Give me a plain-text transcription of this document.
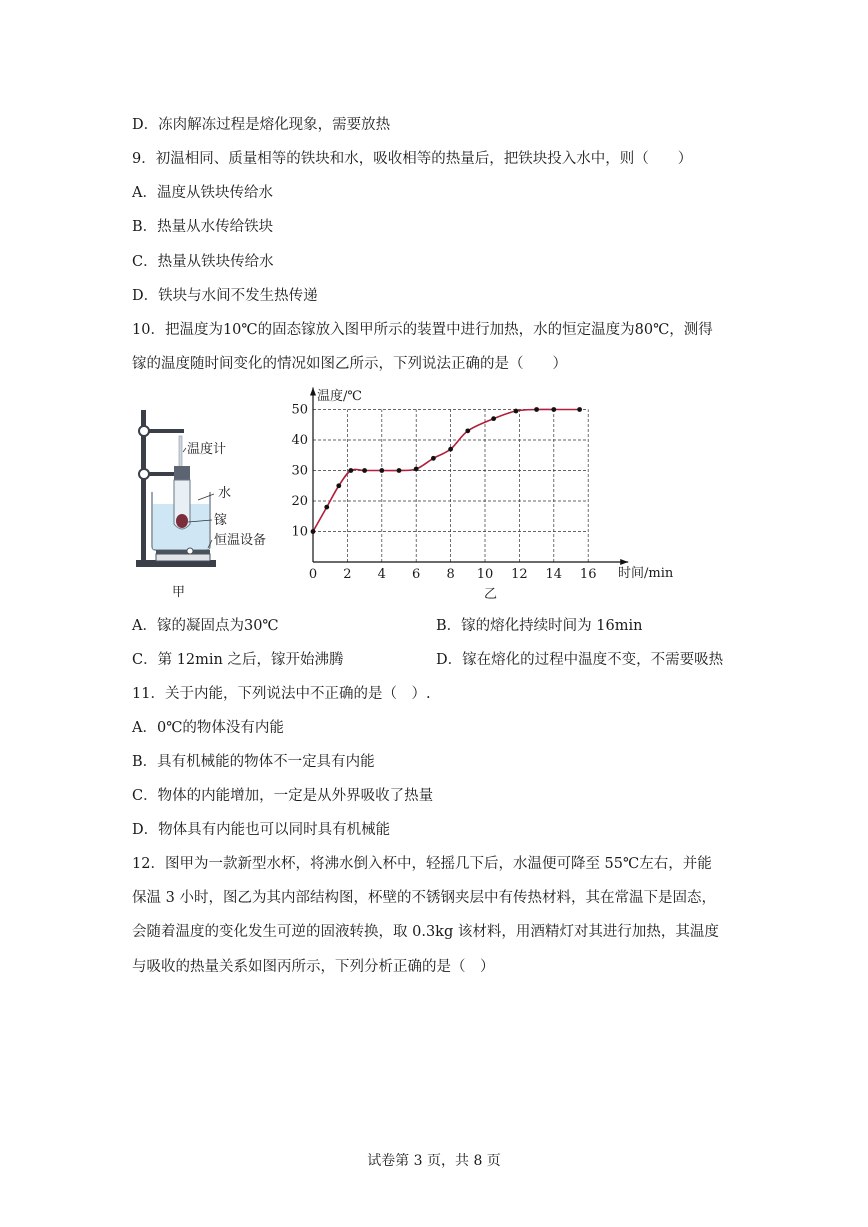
D．冻肉解冻过程是熔化现象，需要放热
9．初温相同、质量相等的铁块和水，吸收相等的热量后，把铁块投入水中，则（　　）
A．温度从铁块传给水
B．热量从水传给铁块
C．热量从铁块传给水
D．铁块与水间不发生热传递
10．把温度为10℃的固态镓放入图甲所示的装置中进行加热，水的恒定温度为80℃，测得
镓的温度随时间变化的情况如图乙所示，下列说法正确的是（　　）
温度计
水
镓
恒温设备
甲
0 2 4 6 8 10 12 14 16
10
20
30
40
50
温度/℃
时间/min
乙
A．镓的凝固点为30℃	B．镓的熔化持续时间为 16min
C．第 12min 之后，镓开始沸腾	D．镓在熔化的过程中温度不变，不需要吸热
11．关于内能，下列说法中不正确的是（　）.
A．0℃的物体没有内能
B．具有机械能的物体不一定具有内能
C．物体的内能增加，一定是从外界吸收了热量
D．物体具有内能也可以同时具有机械能
12．图甲为一款新型水杯，将沸水倒入杯中，轻摇几下后，水温便可降至 55℃左右，并能
保温 3 小时，图乙为其内部结构图，杯壁的不锈钢夹层中有传热材料，其在常温下是固态，
会随着温度的变化发生可逆的固液转换，取 0.3kg 该材料，用酒精灯对其进行加热，其温度
与吸收的热量关系如图丙所示，下列分析正确的是（　）
试卷第 3 页，共 8 页
